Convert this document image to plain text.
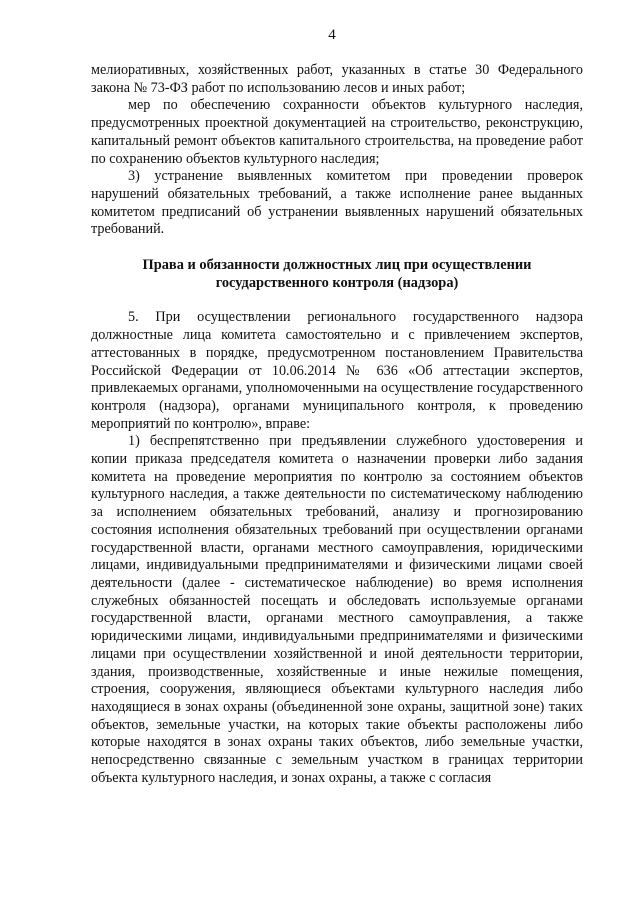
4

мелиоративных, хозяйственных работ, указанных в статье 30 Федерального закона № 73-ФЗ работ по использованию лесов и иных работ;

мер по обеспечению сохранности объектов культурного наследия, предусмотренных проектной документацией на строительство, реконструкцию, капитальный ремонт объектов капитального строительства, на проведение работ по сохранению объектов культурного наследия;

3) устранение выявленных комитетом при проведении проверок нарушений обязательных требований, а также исполнение ранее выданных комитетом предписаний об устранении выявленных нарушений обязательных требований.

Права и обязанности должностных лиц при осуществлении
государственного контроля (надзора)

5. При осуществлении регионального государственного надзора должностные лица комитета самостоятельно и с привлечением экспертов, аттестованных в порядке, предусмотренном постановлением Правительства Российской Федерации от 10.06.2014 № 636 «Об аттестации экспертов, привлекаемых органами, уполномоченными на осуществление государственного контроля (надзора), органами муниципального контроля, к проведению мероприятий по контролю», вправе:

1) беспрепятственно при предъявлении служебного удостоверения и копии приказа председателя комитета о назначении проверки либо задания комитета на проведение мероприятия по контролю за состоянием объектов культурного наследия, а также деятельности по систематическому наблюдению за исполнением обязательных требований, анализу и прогнозированию состояния исполнения обязательных требований при осуществлении органами государственной власти, органами местного самоуправления, юридическими лицами, индивидуальными предпринимателями и физическими лицами своей деятельности (далее - систематическое наблюдение) во время исполнения служебных обязанностей посещать и обследовать используемые органами государственной власти, органами местного самоуправления, а также юридическими лицами, индивидуальными предпринимателями и физическими лицами при осуществлении хозяйственной и иной деятельности территории, здания, производственные, хозяйственные и иные нежилые помещения, строения, сооружения, являющиеся объектами культурного наследия либо находящиеся в зонах охраны (объединенной зоне охраны, защитной зоне) таких объектов, земельные участки, на которых такие объекты расположены либо которые находятся в зонах охраны таких объектов, либо земельные участки, непосредственно связанные с земельным участком в границах территории объекта культурного наследия, и зонах охраны, а также с согласия
